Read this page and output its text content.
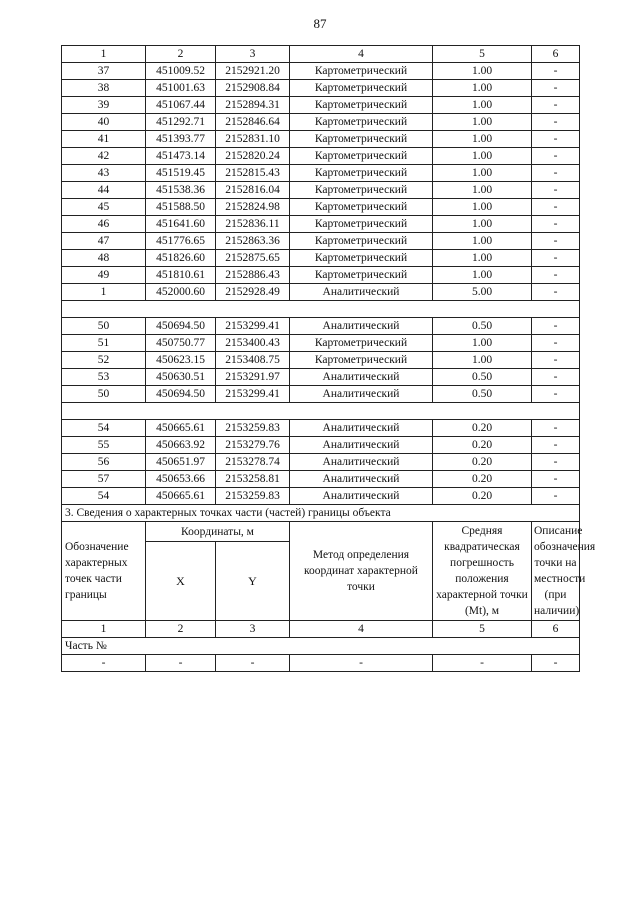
87
1	2	3	4	5	6
37	451009.52	2152921.20	Картометрический	1.00	-
38	451001.63	2152908.84	Картометрический	1.00	-
39	451067.44	2152894.31	Картометрический	1.00	-
40	451292.71	2152846.64	Картометрический	1.00	-
41	451393.77	2152831.10	Картометрический	1.00	-
42	451473.14	2152820.24	Картометрический	1.00	-
43	451519.45	2152815.43	Картометрический	1.00	-
44	451538.36	2152816.04	Картометрический	1.00	-
45	451588.50	2152824.98	Картометрический	1.00	-
46	451641.60	2152836.11	Картометрический	1.00	-
47	451776.65	2152863.36	Картометрический	1.00	-
48	451826.60	2152875.65	Картометрический	1.00	-
49	451810.61	2152886.43	Картометрический	1.00	-
1	452000.60	2152928.49	Аналитический	5.00	-

50	450694.50	2153299.41	Аналитический	0.50	-
51	450750.77	2153400.43	Картометрический	1.00	-
52	450623.15	2153408.75	Картометрический	1.00	-
53	450630.51	2153291.97	Аналитический	0.50	-
50	450694.50	2153299.41	Аналитический	0.50	-

54	450665.61	2153259.83	Аналитический	0.20	-
55	450663.92	2153279.76	Аналитический	0.20	-
56	450651.97	2153278.74	Аналитический	0.20	-
57	450653.66	2153258.81	Аналитический	0.20	-
54	450665.61	2153259.83	Аналитический	0.20	-
3. Сведения о характерных точках части (частей) границы объекта					
Обозначение характерных точек части границы	Координаты, м		Метод определения координат характерной точки	Средняя квадратическая погрешность положения характерной точки (Mt), м	Описание обозначения точки на местности (при наличии)
	X	Y			
1	2	3	4	5	6
Часть №					
-	-	-	-	-	-
